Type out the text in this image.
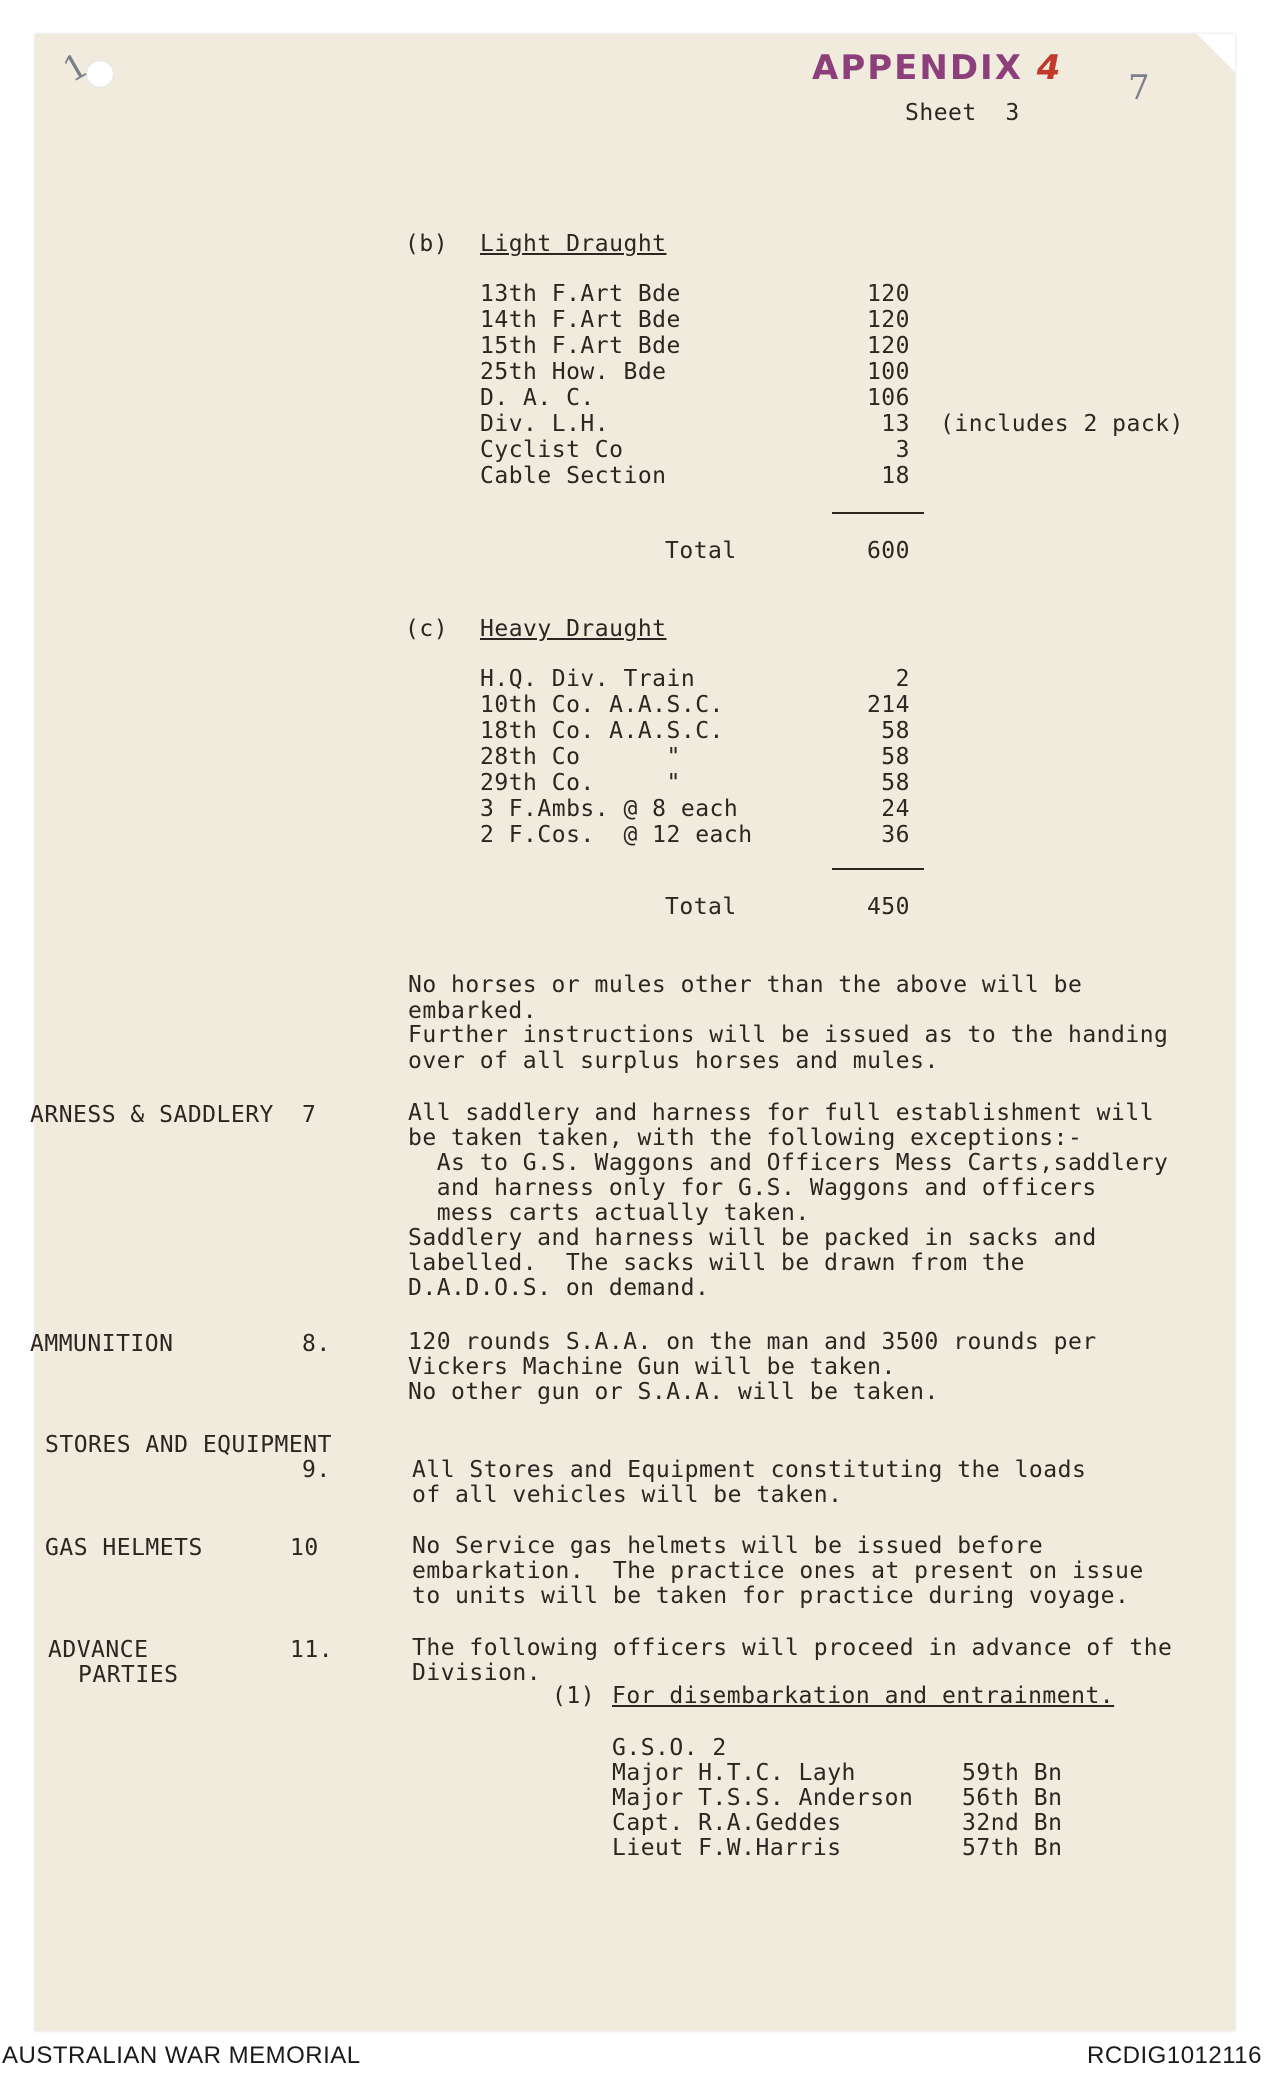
1	7
APPENDIX 4
Sheet  3
(b) Light Draught
13th F.Art Bde	120
14th F.Art Bde	120
15th F.Art Bde	120
25th How. Bde	100
D. A. C.	106
Div. L.H.	13 (includes 2 pack)
Cyclist Co	3
Cable Section	18
Total	600
(c) Heavy Draught
H.Q. Div. Train	2
10th Co. A.A.S.C.	214
18th Co. A.A.S.C.	58
28th Co      "	58
29th Co.     "	58
3 F.Ambs. @ 8 each	24
2 F.Cos.  @ 12 each	36
Total	450
No horses or mules other than the above will be
embarked.
Further instructions will be issued as to the handing
over of all surplus horses and mules.
ARNESS & SADDLERY 7	All saddlery and harness for full establishment will
be taken taken, with the following exceptions:-
As to G.S. Waggons and Officers Mess Carts,saddlery
and harness only for G.S. Waggons and officers
mess carts actually taken.
Saddlery and harness will be packed in sacks and
labelled.  The sacks will be drawn from the
D.A.D.O.S. on demand.
AMMUNITION	8.	120 rounds S.A.A. on the man and 3500 rounds per
Vickers Machine Gun will be taken.
No other gun or S.A.A. will be taken.
STORES AND EQUIPMENT
9.	All Stores and Equipment constituting the loads
of all vehicles will be taken.
GAS HELMETS	10	No Service gas helmets will be issued before
embarkation.  The practice ones at present on issue
to units will be taken for practice during voyage.
ADVANCE
PARTIES
11.	The following officers will proceed in advance of the
Division.
(1) For disembarkation and entrainment.
G.S.O. 2
Major H.T.C. Layh	59th Bn
Major T.S.S. Anderson 56th Bn
Capt. R.A.Geddes	32nd Bn
Lieut F.W.Harris	57th Bn
AUSTRALIAN WAR MEMORIAL	RCDIG1012116
